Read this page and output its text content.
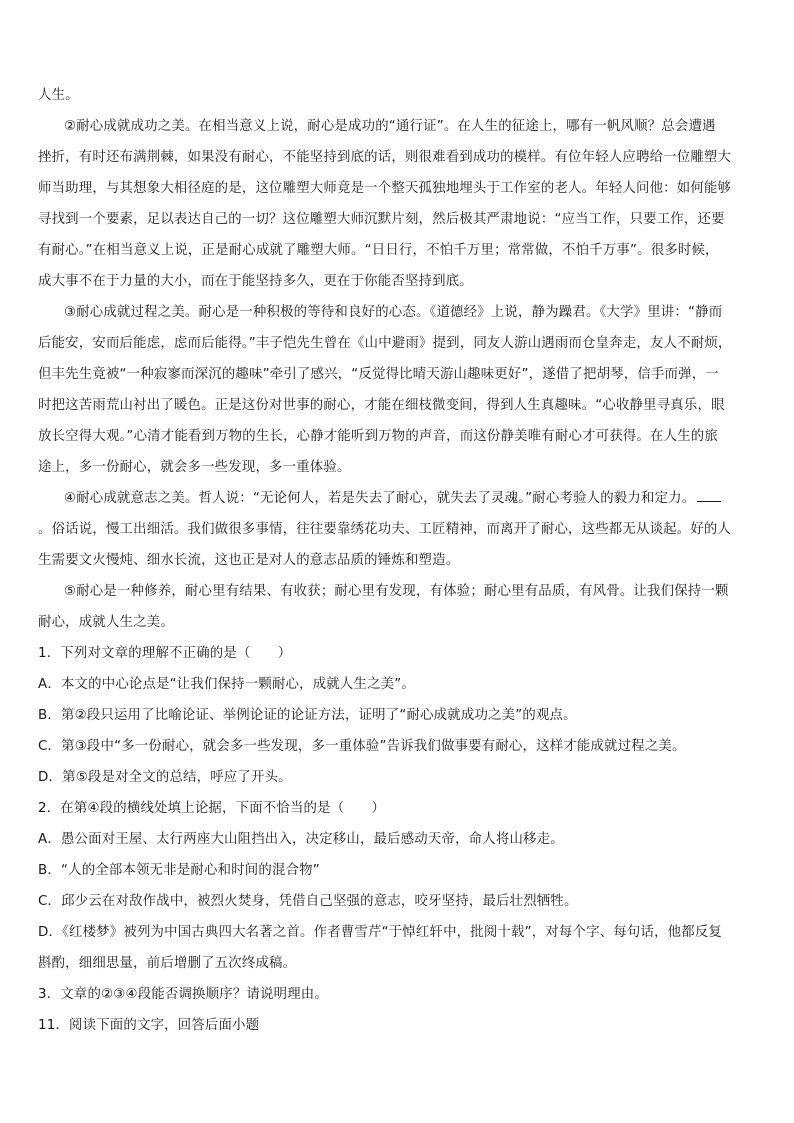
人生。
②耐心成就成功之美。在相当意义上说，耐心是成功的“通行证”。在人生的征途上，哪有一帆风顺？总会遭遇
挫折，有时还布满荆棘，如果没有耐心，不能坚持到底的话，则很难看到成功的模样。有位年轻人应聘给一位雕塑大
师当助理，与其想象大相径庭的是，这位雕塑大师竟是一个整天孤独地埋头于工作室的老人。年轻人问他：如何能够
寻找到一个要素，足以表达自己的一切？这位雕塑大师沉默片刻，然后极其严肃地说：“应当工作，只要工作，还要
有耐心。”在相当意义上说，正是耐心成就了雕塑大师。“日日行，不怕千万里；常常做，不怕千万事”。很多时候，
成大事不在于力量的大小，而在于能坚持多久，更在于你能否坚持到底。
③耐心成就过程之美。耐心是一种积极的等待和良好的心态。《道德经》上说，静为躁君。《大学》里讲：“静而
后能安，安而后能虑，虑而后能得。”丰子恺先生曾在《山中避雨》提到，同友人游山遇雨而仓皇奔走，友人不耐烦，
但丰先生竟被“一种寂寥而深沉的趣味”牵引了感兴，“反觉得比晴天游山趣味更好”，遂借了把胡琴，信手而弹，一
时把这苦雨荒山衬出了暖色。正是这份对世事的耐心，才能在细枝微变间，得到人生真趣味。“心收静里寻真乐，眼
放长空得大观。”心清才能看到万物的生长，心静才能听到万物的声音，而这份静美唯有耐心才可获得。在人生的旅
途上，多一份耐心，就会多一些发现，多一重体验。
④耐心成就意志之美。哲人说：“无论何人，若是失去了耐心，就失去了灵魂。”耐心考验人的毅力和定力。
。俗话说，慢工出细活。我们做很多事情，往往要靠绣花功夫、工匠精神，而离开了耐心，这些都无从谈起。好的人
生需要文火慢炖、细水长流，这也正是对人的意志品质的锤炼和塑造。
⑤耐心是一种修养，耐心里有结果、有收获；耐心里有发现，有体验；耐心里有品质，有风骨。让我们保持一颗
耐心，成就人生之美。
1．下列对文章的理解不正确的是（　　）
A．本文的中心论点是“让我们保持一颗耐心，成就人生之美”。
B．第②段只运用了比喻论证、举例论证的论证方法，证明了“耐心成就成功之美”的观点。
C．第③段中“多一份耐心，就会多一些发现，多一重体验”告诉我们做事要有耐心，这样才能成就过程之美。
D．第⑤段是对全文的总结，呼应了开头。
2．在第④段的横线处填上论据，下面不恰当的是（　　）
A．愚公面对王屋、太行两座大山阻挡出入，决定移山，最后感动天帝，命人将山移走。
B．“人的全部本领无非是耐心和时间的混合物”
C．邱少云在对敌作战中，被烈火焚身，凭借自己坚强的意志，咬牙坚持，最后壮烈牺牲。
D．《红楼梦》被列为中国古典四大名著之首。作者曹雪芹“于悼红轩中，批阅十载”，对每个字、每句话，他都反复
斟酌，细细思量，前后增删了五次终成稿。
3．文章的②③④段能否调换顺序？请说明理由。
11．阅读下面的文字，回答后面小题
